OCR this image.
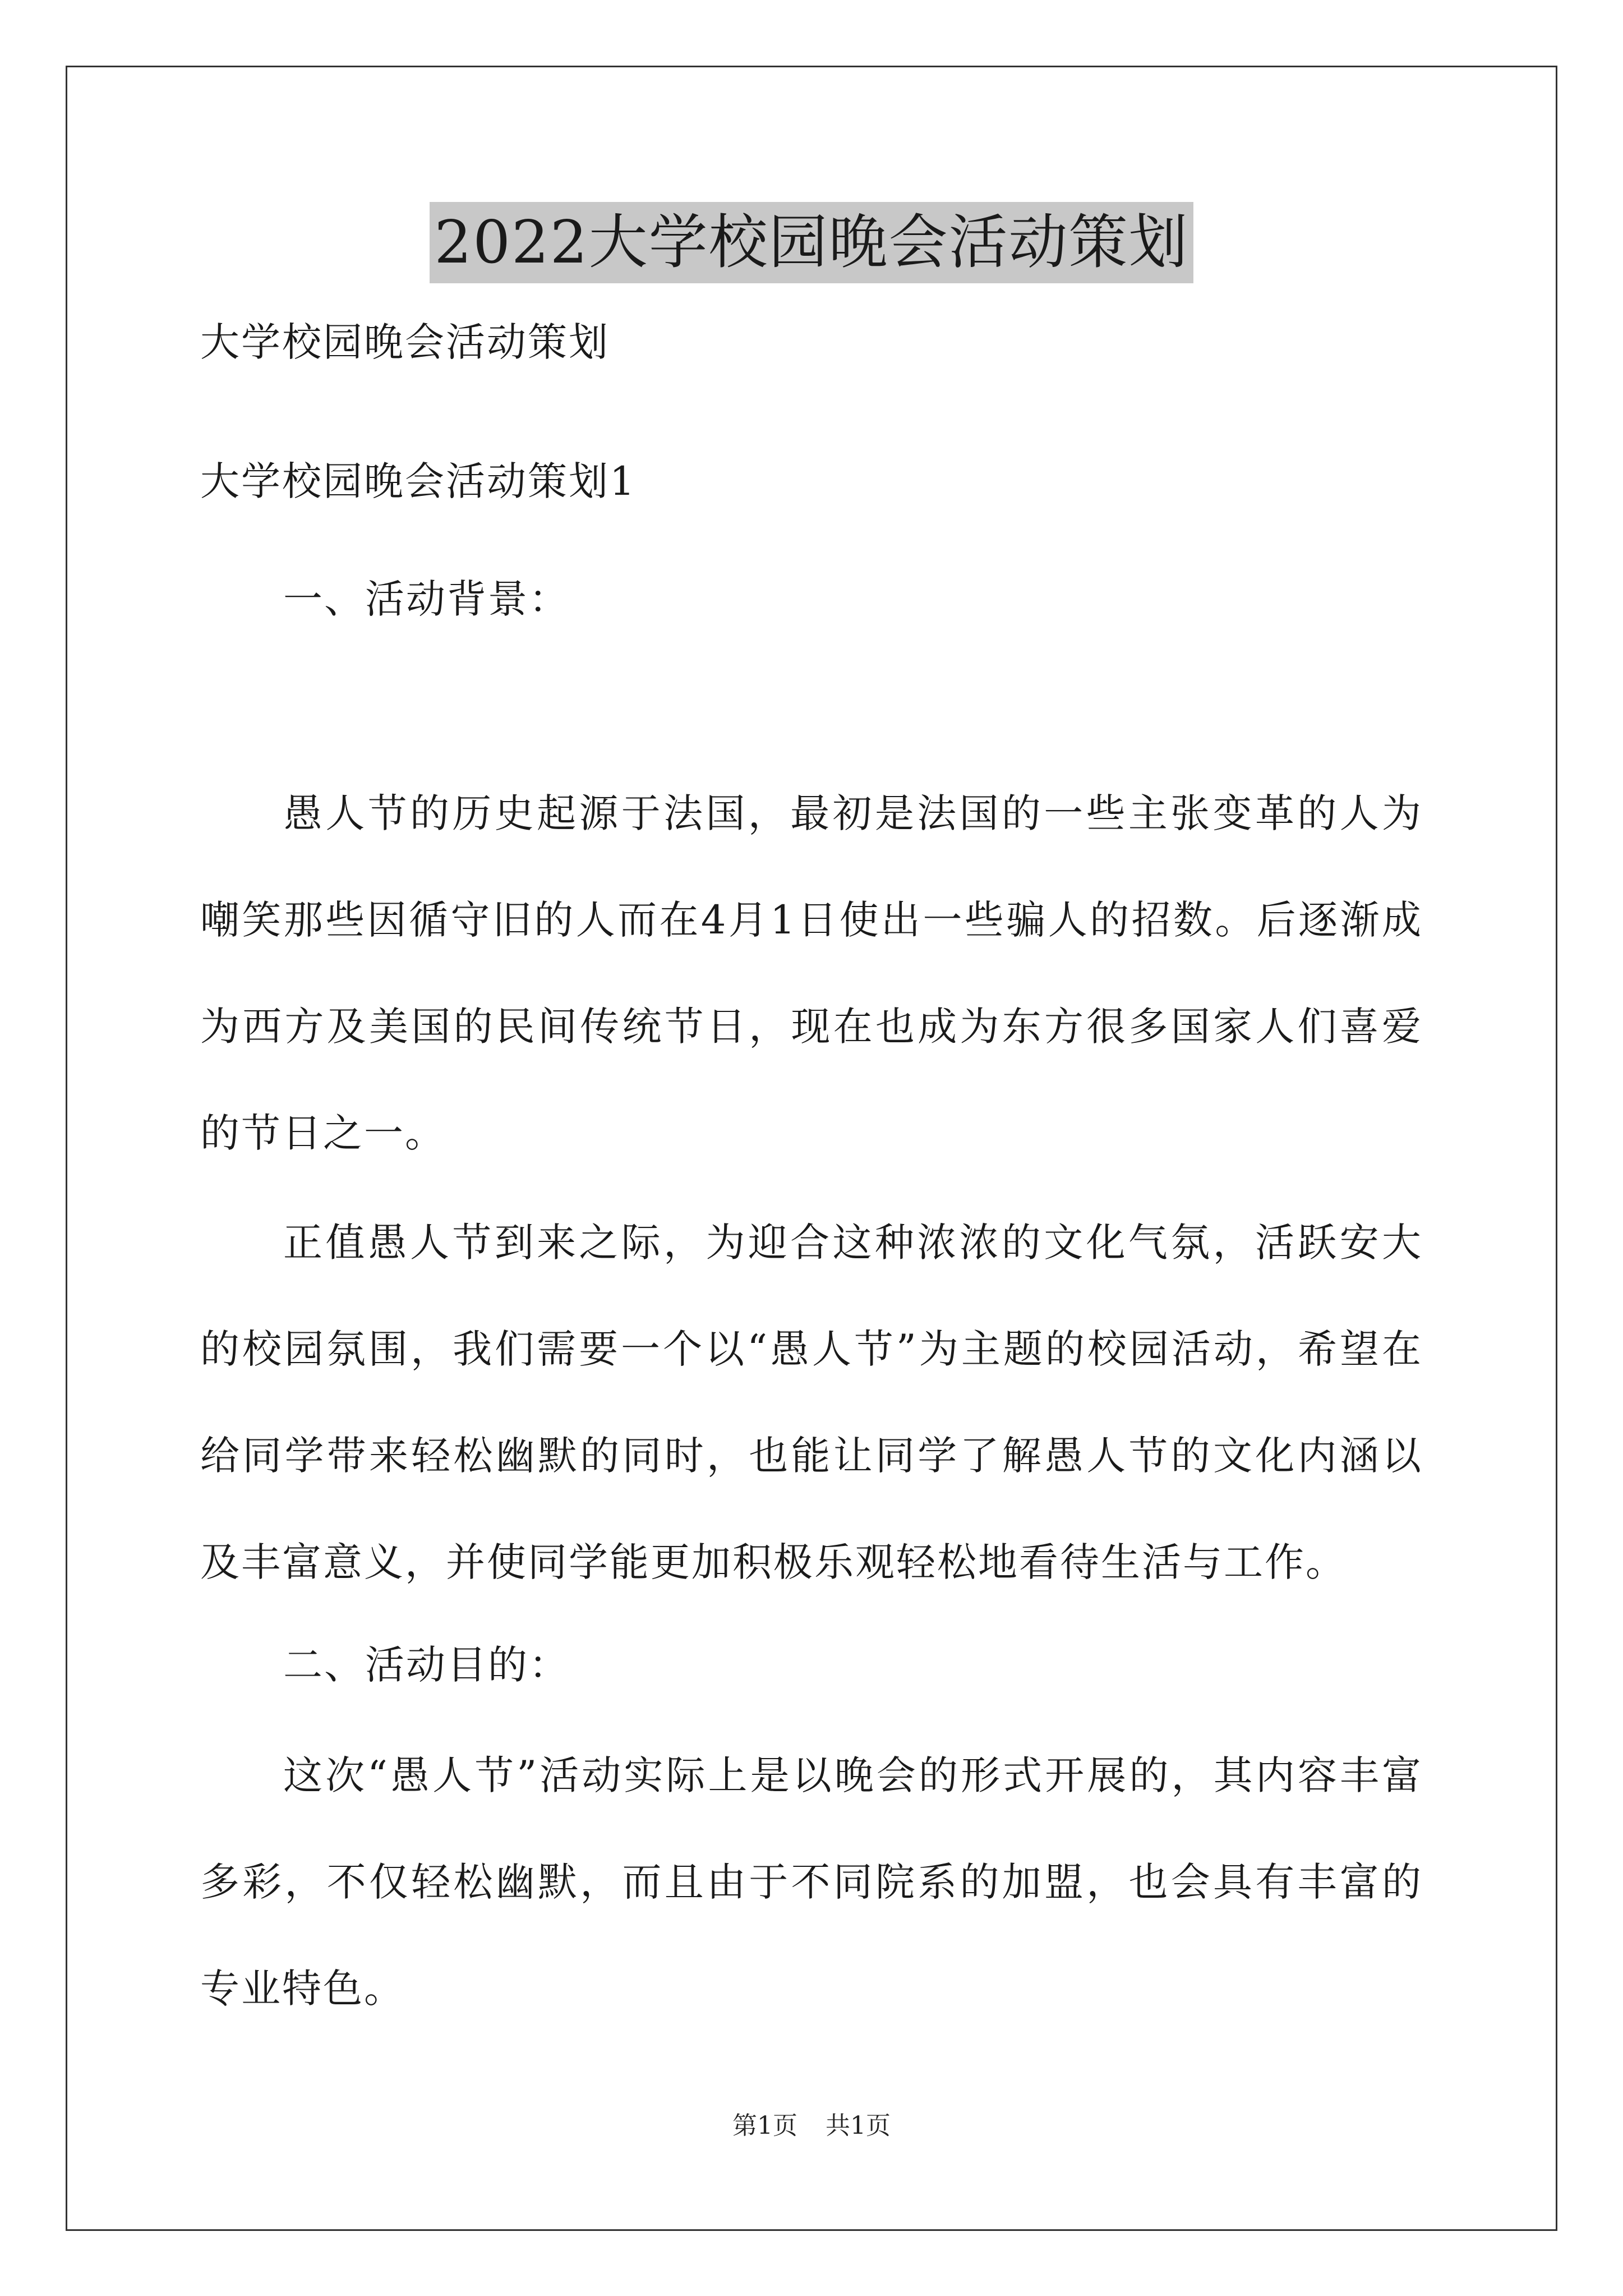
2022大学校园晚会活动策划
大学校园晚会活动策划
大学校园晚会活动策划1
一、活动背景：
愚人节的历史起源于法国，最初是法国的一些主张变革的人为嘲笑那些因循守旧的人而在4月1日使出一些骗人的招数。后逐渐成为西方及美国的民间传统节日，现在也成为东方很多国家人们喜爱的节日之一。
正值愚人节到来之际，为迎合这种浓浓的文化气氛，活跃安大的校园氛围，我们需要一个以“愚人节”为主题的校园活动，希望在给同学带来轻松幽默的同时，也能让同学了解愚人节的文化内涵以及丰富意义，并使同学能更加积极乐观轻松地看待生活与工作。
二、活动目的：
这次“愚人节”活动实际上是以晚会的形式开展的，其内容丰富多彩，不仅轻松幽默，而且由于不同院系的加盟，也会具有丰富的专业特色。
第1页 共1页
